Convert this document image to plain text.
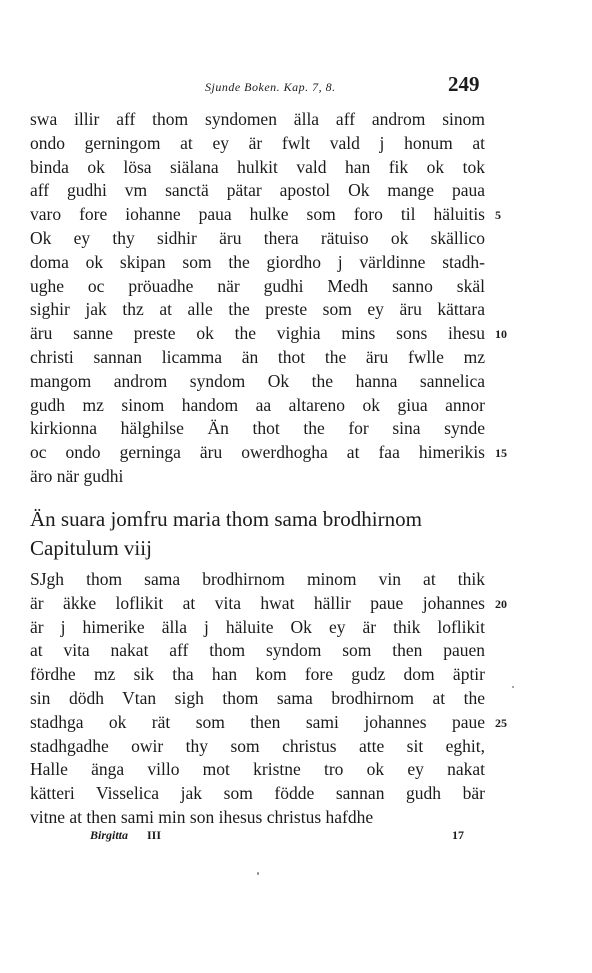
Sjunde Boken. Kap. 7, 8.	249
swa illir aff thom syndomen älla aff androm sinom
ondo gerningom at ey är fwlt vald j honum at
binda ok lösa siälana hulkit vald han fik ok tok
aff gudhi vm sanctä pätar apostol Ok mange paua
varo fore iohanne paua hulke som foro til häluitis 5
Ok ey thy sidhir äru thera rätuiso ok skällico
doma ok skipan som the giordho j världinne stadh-
ughe oc pröuadhe när gudhi Medh sanno skäl
sighir jak thz at alle the preste som ey äru kättara
äru sanne preste ok the vighia mins sons ihesu 10
christi sannan licamma än thot the äru fwlle mz
mangom androm syndom Ok the hanna sannelica
gudh mz sinom handom aa altareno ok giua annor
kirkionna hälghilse Än thot the for sina synde
oc ondo gerninga äru owerdhogha at faa himerikis 15
äro när gudhi
Än suara jomfru maria thom sama brodhirnom
Capitulum viij
SJgh thom sama brodhirnom minom vin at thik
är äkke loflikit at vita hwat hällir paue johannes 20
är j himerike älla j häluite Ok ey är thik loflikit
at vita nakat aff thom syndom som then pauen
fördhe mz sik tha han kom fore gudz dom äptir
sin dödh Vtan sigh thom sama brodhirnom at the
stadhga ok rät som then sami johannes paue 25
stadhgadhe owir thy som christus atte sit eghit,
Halle änga villo mot kristne tro ok ey nakat
kätteri Visselica jak som födde sannan gudh bär
vitne at then sami min son ihesus christus hafdhe
Birgitta III	17
